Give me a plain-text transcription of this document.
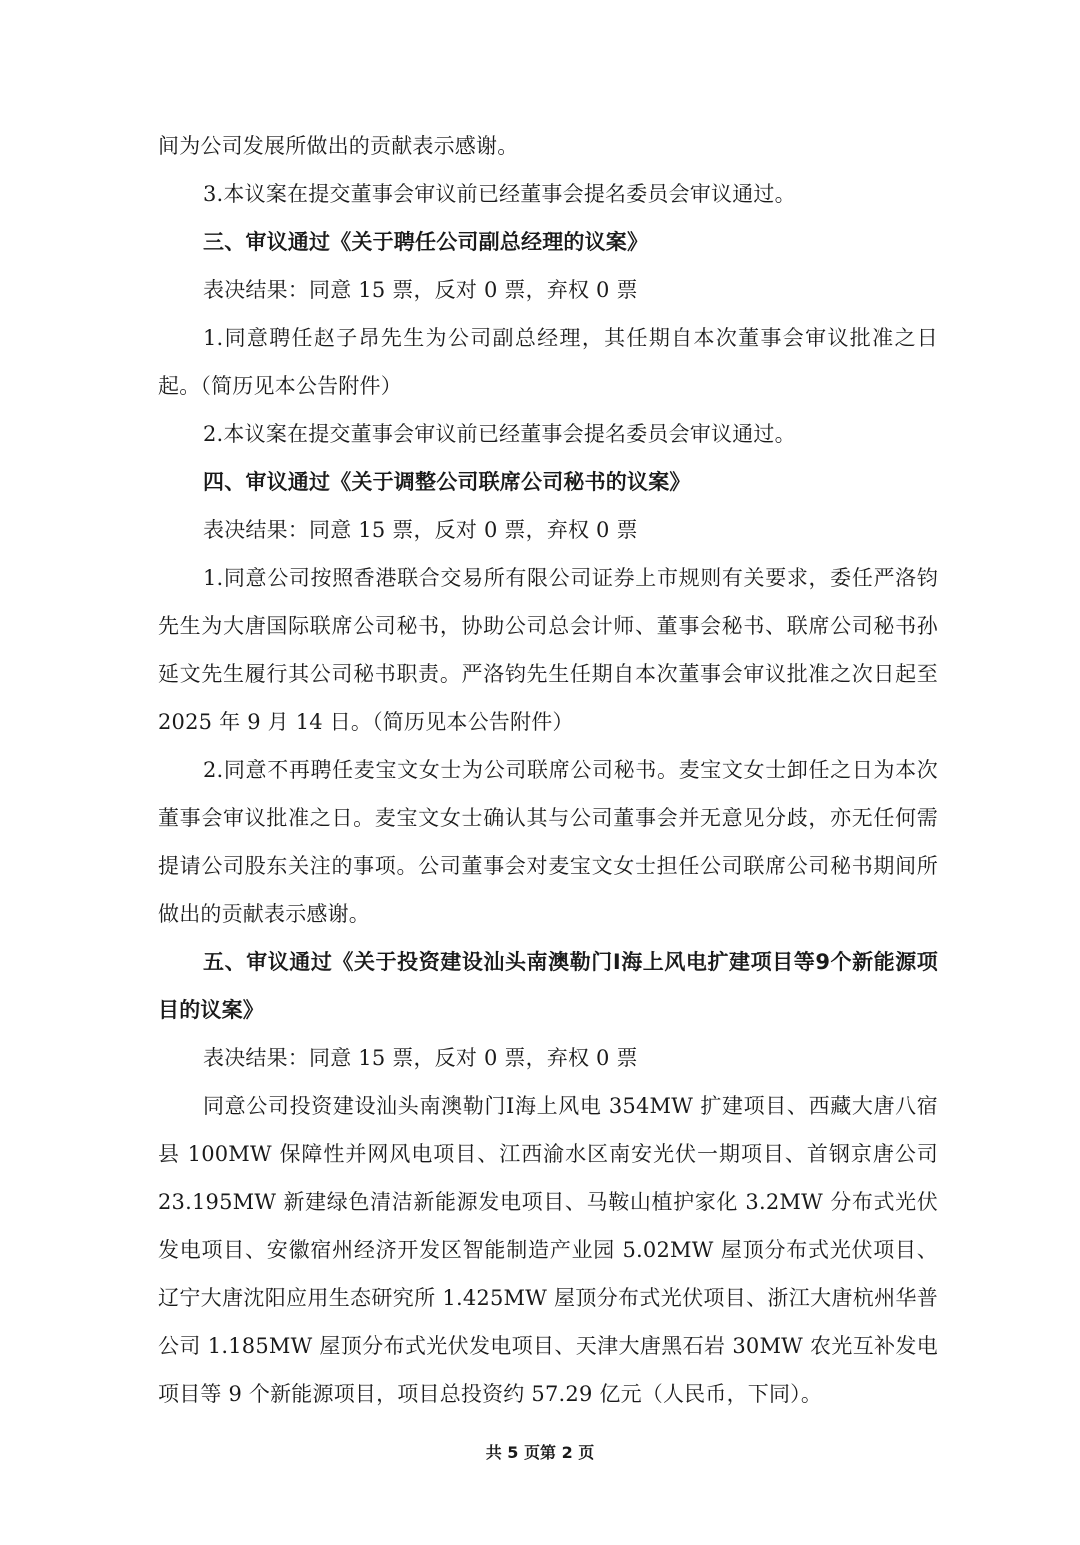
间为公司发展所做出的贡献表示感谢。

3.本议案在提交董事会审议前已经董事会提名委员会审议通过。

三、审议通过《关于聘任公司副总经理的议案》

表决结果：同意 15 票，反对 0 票，弃权 0 票

1.同意聘任赵子昂先生为公司副总经理，其任期自本次董事会审议批准之日起。（简历见本公告附件）

2.本议案在提交董事会审议前已经董事会提名委员会审议通过。

四、审议通过《关于调整公司联席公司秘书的议案》

表决结果：同意 15 票，反对 0 票，弃权 0 票

1.同意公司按照香港联合交易所有限公司证券上市规则有关要求，委任严洛钧先生为大唐国际联席公司秘书，协助公司总会计师、董事会秘书、联席公司秘书孙延文先生履行其公司秘书职责。严洛钧先生任期自本次董事会审议批准之次日起至 2025 年 9 月 14 日。（简历见本公告附件）

2.同意不再聘任麦宝文女士为公司联席公司秘书。麦宝文女士卸任之日为本次董事会审议批准之日。麦宝文女士确认其与公司董事会并无意见分歧，亦无任何需提请公司股东关注的事项。公司董事会对麦宝文女士担任公司联席公司秘书期间所做出的贡献表示感谢。

五、审议通过《关于投资建设汕头南澳勒门Ⅰ海上风电扩建项目等9个新能源项目的议案》

表决结果：同意 15 票，反对 0 票，弃权 0 票

同意公司投资建设汕头南澳勒门Ⅰ海上风电 354MW 扩建项目、西藏大唐八宿县 100MW 保障性并网风电项目、江西渝水区南安光伏一期项目、首钢京唐公司 23.195MW 新建绿色清洁新能源发电项目、马鞍山植护家化 3.2MW 分布式光伏发电项目、安徽宿州经济开发区智能制造产业园 5.02MW 屋顶分布式光伏项目、辽宁大唐沈阳应用生态研究所 1.425MW 屋顶分布式光伏项目、浙江大唐杭州华普公司 1.185MW 屋顶分布式光伏发电项目、天津大唐黑石岩 30MW 农光互补发电项目等 9 个新能源项目，项目总投资约 57.29 亿元（人民币，下同）。

共 5 页第 2 页
